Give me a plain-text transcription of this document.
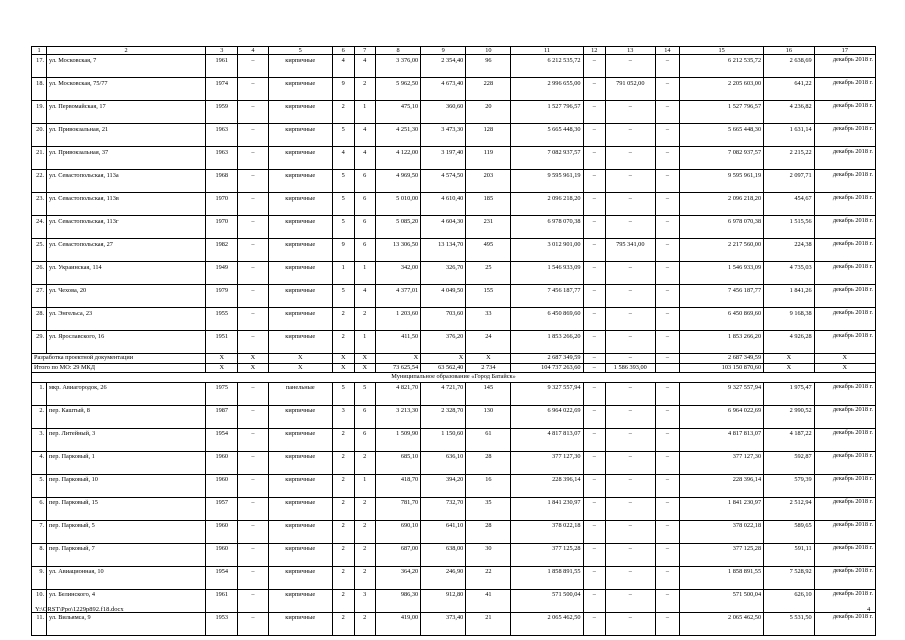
1	2	3	4	5	6	7	8	9	10	11	12	13	14	15	16	17
17.	ул. Московская, 7	1961	–	кирпичные	4	4	3 376,00	2 354,40	96	6 212 535,72	–	–	–	6 212 535,72	2 638,69	декабрь 2018 г.
18.	ул. Московская, 75/77	1974	–	кирпичные	9	2	5 962,50	4 673,40	228	2 996 655,00	–	791 052,00	–	2 205 603,00	641,22	декабрь 2018 г.
19.	ул. Первомайская, 17	1959	–	кирпичные	2	1	475,10	360,60	20	1 527 796,57	–	–	–	1 527 796,57	4 236,82	декабрь 2018 г.
20.	ул. Привокзальная, 21	1963	–	кирпичные	5	4	4 251,30	3 473,30	128	5 665 448,30	–	–	–	5 665 448,30	1 631,14	декабрь 2018 г.
21.	ул. Привокзальная, 37	1963	–	кирпичные	4	4	4 122,00	3 197,40	119	7 082 937,57	–	–	–	7 082 937,57	2 215,22	декабрь 2018 г.
22.	ул. Севастопольская, 113а	1968	–	кирпичные	5	6	4 969,50	4 574,50	203	9 595 961,19	–	–	–	9 595 961,19	2 097,71	декабрь 2018 г.
23.	ул. Севастопольская, 113в	1970	–	кирпичные	5	6	5 010,00	4 610,40	185	2 096 218,20	–	–	–	2 096 218,20	454,67	декабрь 2018 г.
24.	ул. Севастопольская, 113г	1970	–	кирпичные	5	6	5 085,20	4 604,30	231	6 978 070,38	–	–	–	6 978 070,38	1 515,56	декабрь 2018 г.
25.	ул. Севастопольская, 27	1982	–	кирпичные	9	6	13 306,50	13 134,70	495	3 012 901,00	–	795 341,00	–	2 217 560,00	224,38	декабрь 2018 г.
26.	ул. Украинская, 114	1949	–	кирпичные	1	1	342,00	326,70	25	1 546 933,09	–	–	–	1 546 933,09	4 735,03	декабрь 2018 г.
27.	ул. Чехова, 20	1979	–	кирпичные	5	4	4 377,01	4 049,50	155	7 456 187,77	–	–	–	7 456 187,77	1 841,26	декабрь 2018 г.
28.	ул. Энгельса, 23	1955	–	кирпичные	2	2	1 203,60	703,60	33	6 450 869,60	–	–	–	6 450 869,60	9 168,38	декабрь 2018 г.
29.	ул. Ярославского, 16	1951	–	кирпичные	2	1	411,50	376,20	24	1 853 266,20	–	–	–	1 853 266,20	4 926,28	декабрь 2018 г.
Разработка проектной документации		Х	Х	Х	Х	Х	Х	Х	Х	2 687 349,59	–	–	–	2 687 349,59	Х	Х
Итого по МО: 29 МКД		Х	Х	Х	Х	Х	73 625,54	63 562,40	2 734	104 737 263,60	–	1 586 393,00		103 150 870,60	Х	Х
Муниципальное образование «Город Батайск»																
1.	мкр. Авиагородок, 26	1975	–	панельные	5	5	4 821,70	4 721,70	145	9 327 557,94	–	–	–	9 327 557,94	1 975,47	декабрь 2018 г.
2.	пер. Каштый, 8	1987	–	кирпичные	3	6	3 213,30	2 328,70	130	6 964 022,69	–	–	–	6 964 022,69	2 990,52	декабрь 2018 г.
3.	пер. Литейный, 3	1954	–	кирпичные	2	6	1 509,90	1 150,60	61	4 817 813,07	–	–	–	4 817 813,07	4 187,22	декабрь 2018 г.
4.	пер. Парковый, 1	1960	–	кирпичные	2	2	685,10	636,10	28	377 127,30	–	–	–	377 127,30	592,87	декабрь 2018 г.
5.	пер. Парковый, 10	1960	–	кирпичные	2	1	418,70	394,20	16	228 396,14	–	–	–	228 396,14	579,39	декабрь 2018 г.
6.	пер. Парковый, 15	1957	–	кирпичные	2	2	781,70	732,70	35	1 841 230,97	–	–	–	1 841 230,97	2 512,94	декабрь 2018 г.
7.	пер. Парковый, 5	1960	–	кирпичные	2	2	690,10	641,10	28	378 022,18	–	–	–	378 022,18	589,65	декабрь 2018 г.
8.	пер. Парковый, 7	1960	–	кирпичные	2	2	687,00	638,00	30	377 125,28	–	–	–	377 125,28	591,11	декабрь 2018 г.
9.	ул. Авиационная, 10	1954	–	кирпичные	2	2	364,20	246,90	22	1 858 891,55	–	–	–	1 858 891,55	7 528,92	декабрь 2018 г.
10.	ул. Белинского, 4	1961	–	кирпичные	2	3	986,30	912,80	41	571 500,04	–	–	–	571 500,04	626,10	декабрь 2018 г.
11.	ул. Вильямса, 9	1953	–	кирпичные	2	2	419,00	373,40	21	2 065 462,50	–	–	–	2 065 462,50	5 531,50	декабрь 2018 г.
Y:\ORST\Ppo\1229p892.f18.docx	4
